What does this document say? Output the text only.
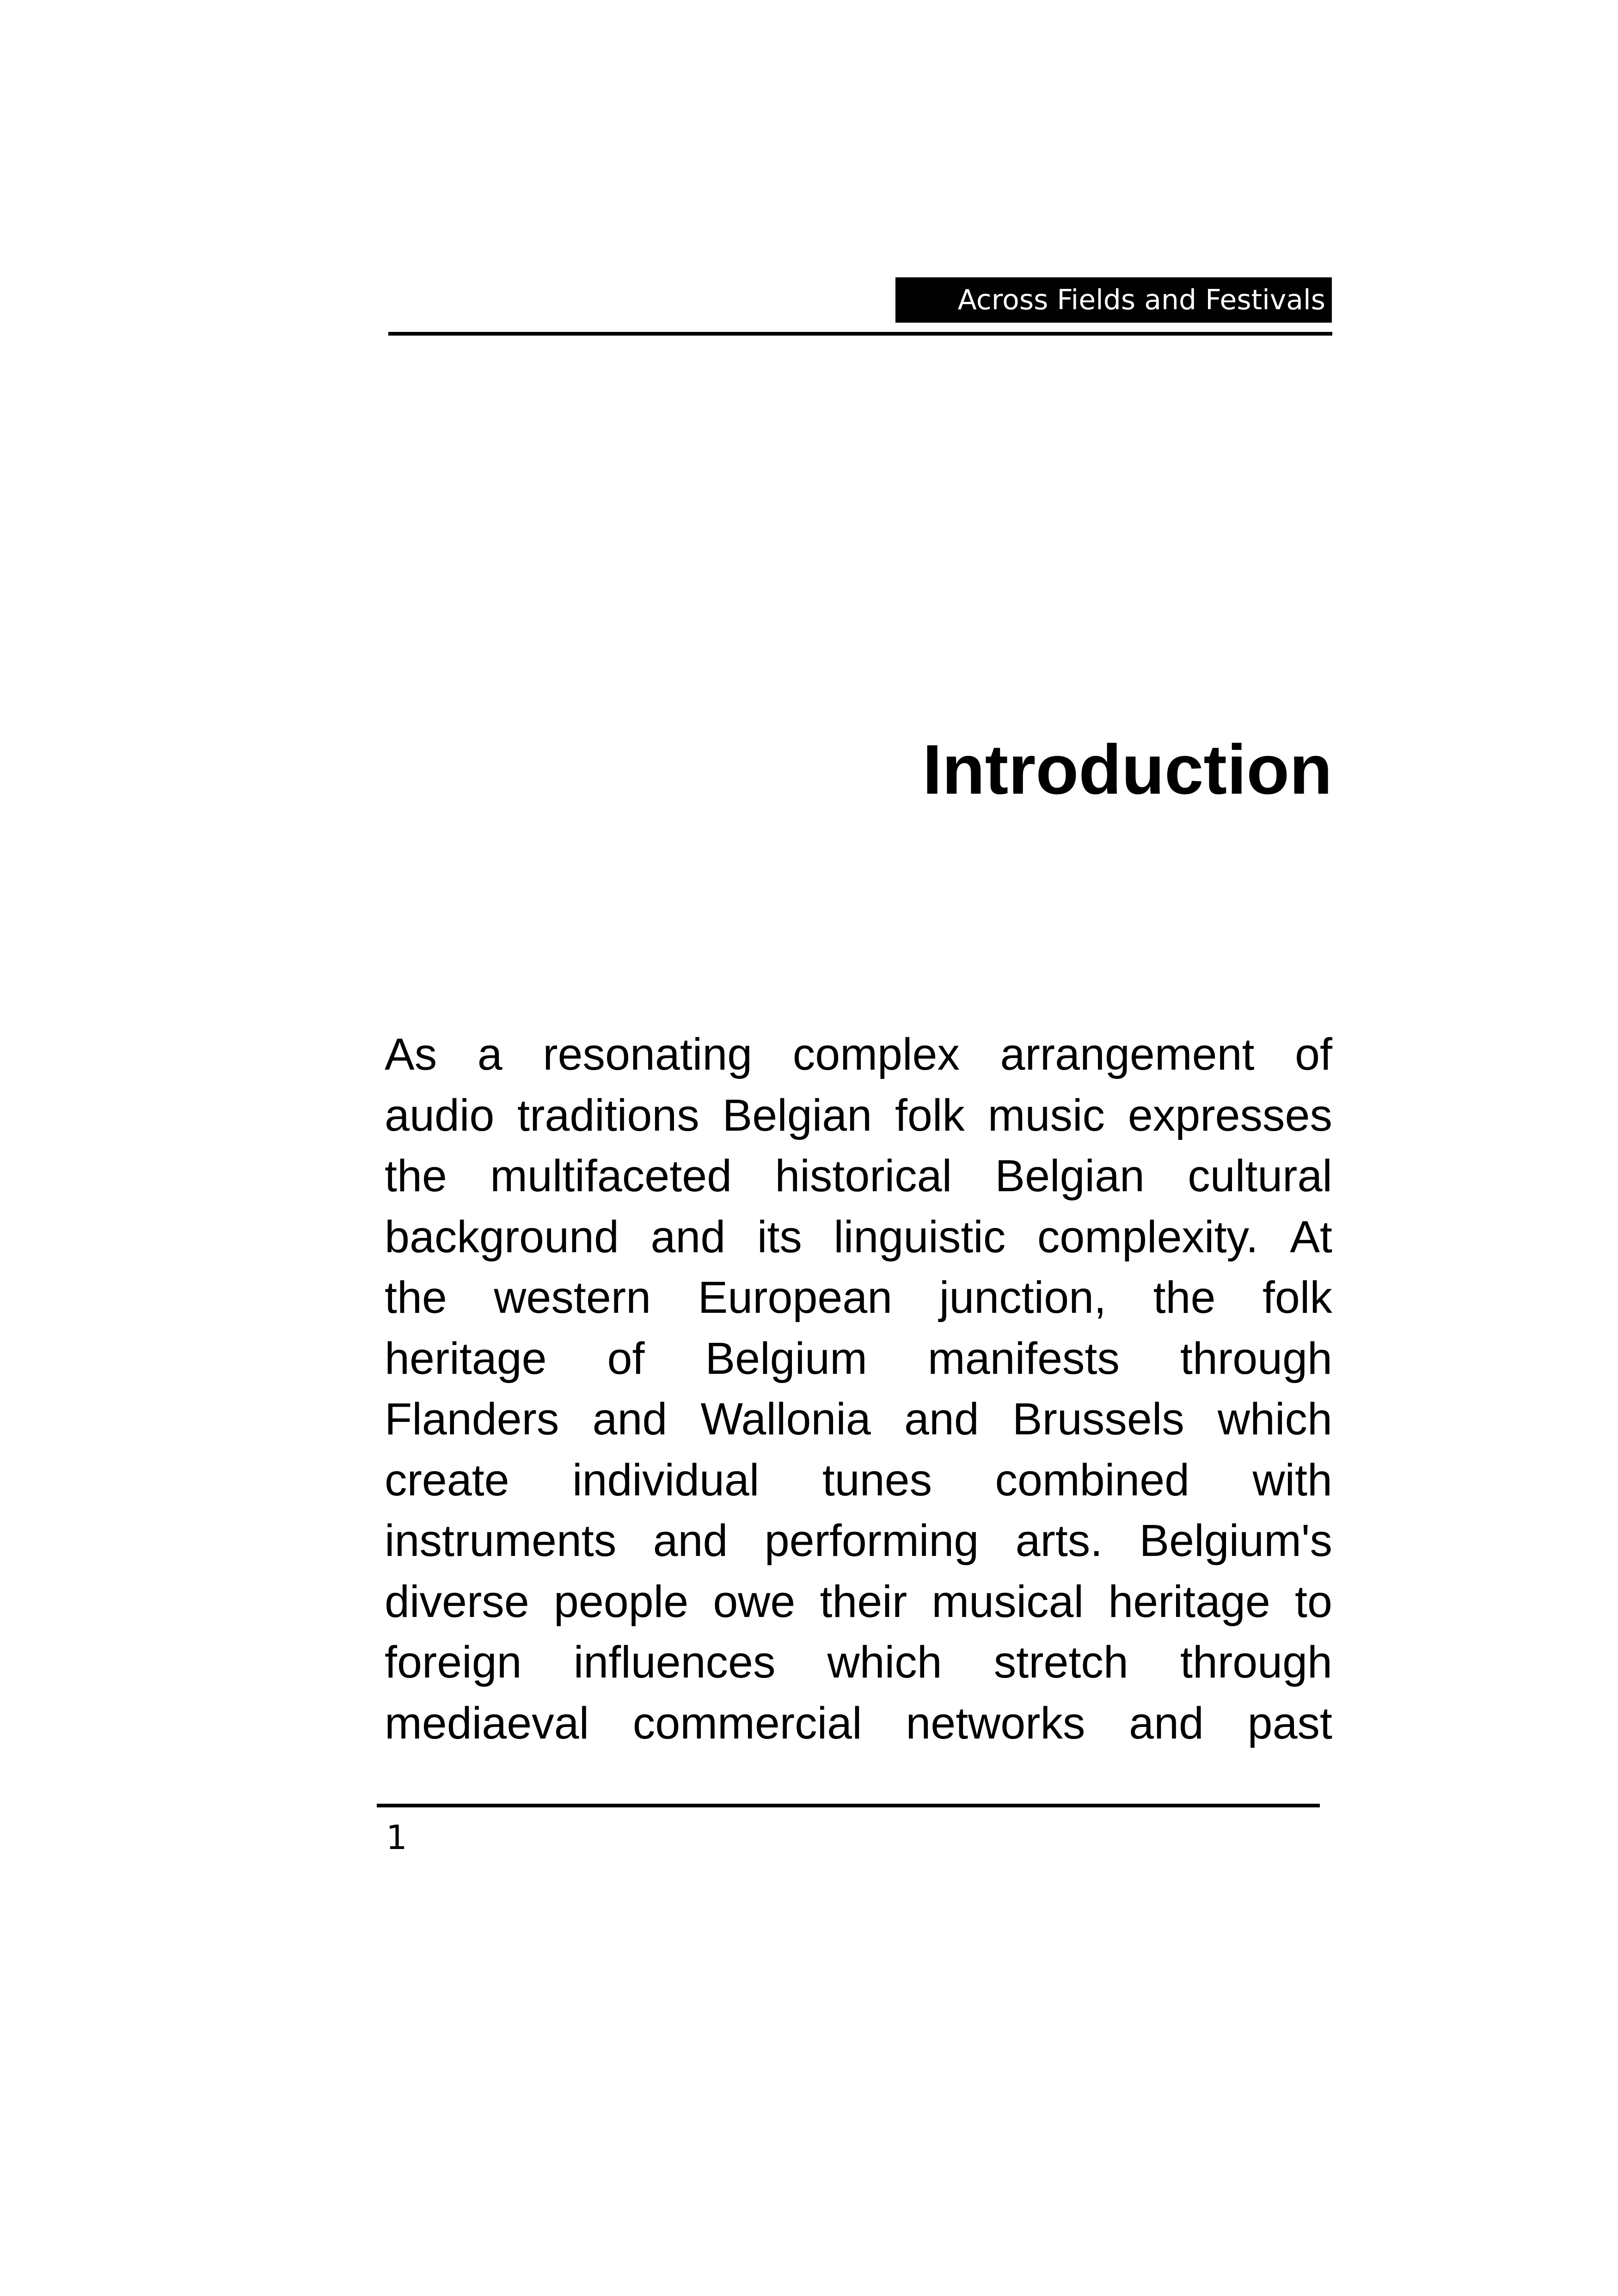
Across Fields and Festivals
Introduction
As a resonating complex arrangement of
audio traditions Belgian folk music expresses
the multifaceted historical Belgian cultural
background and its linguistic complexity. At
the western European junction, the folk
heritage of Belgium manifests through
Flanders and Wallonia and Brussels which
create individual tunes combined with
instruments and performing arts. Belgium's
diverse people owe their musical heritage to
foreign influences which stretch through
mediaeval commercial networks and past
1
